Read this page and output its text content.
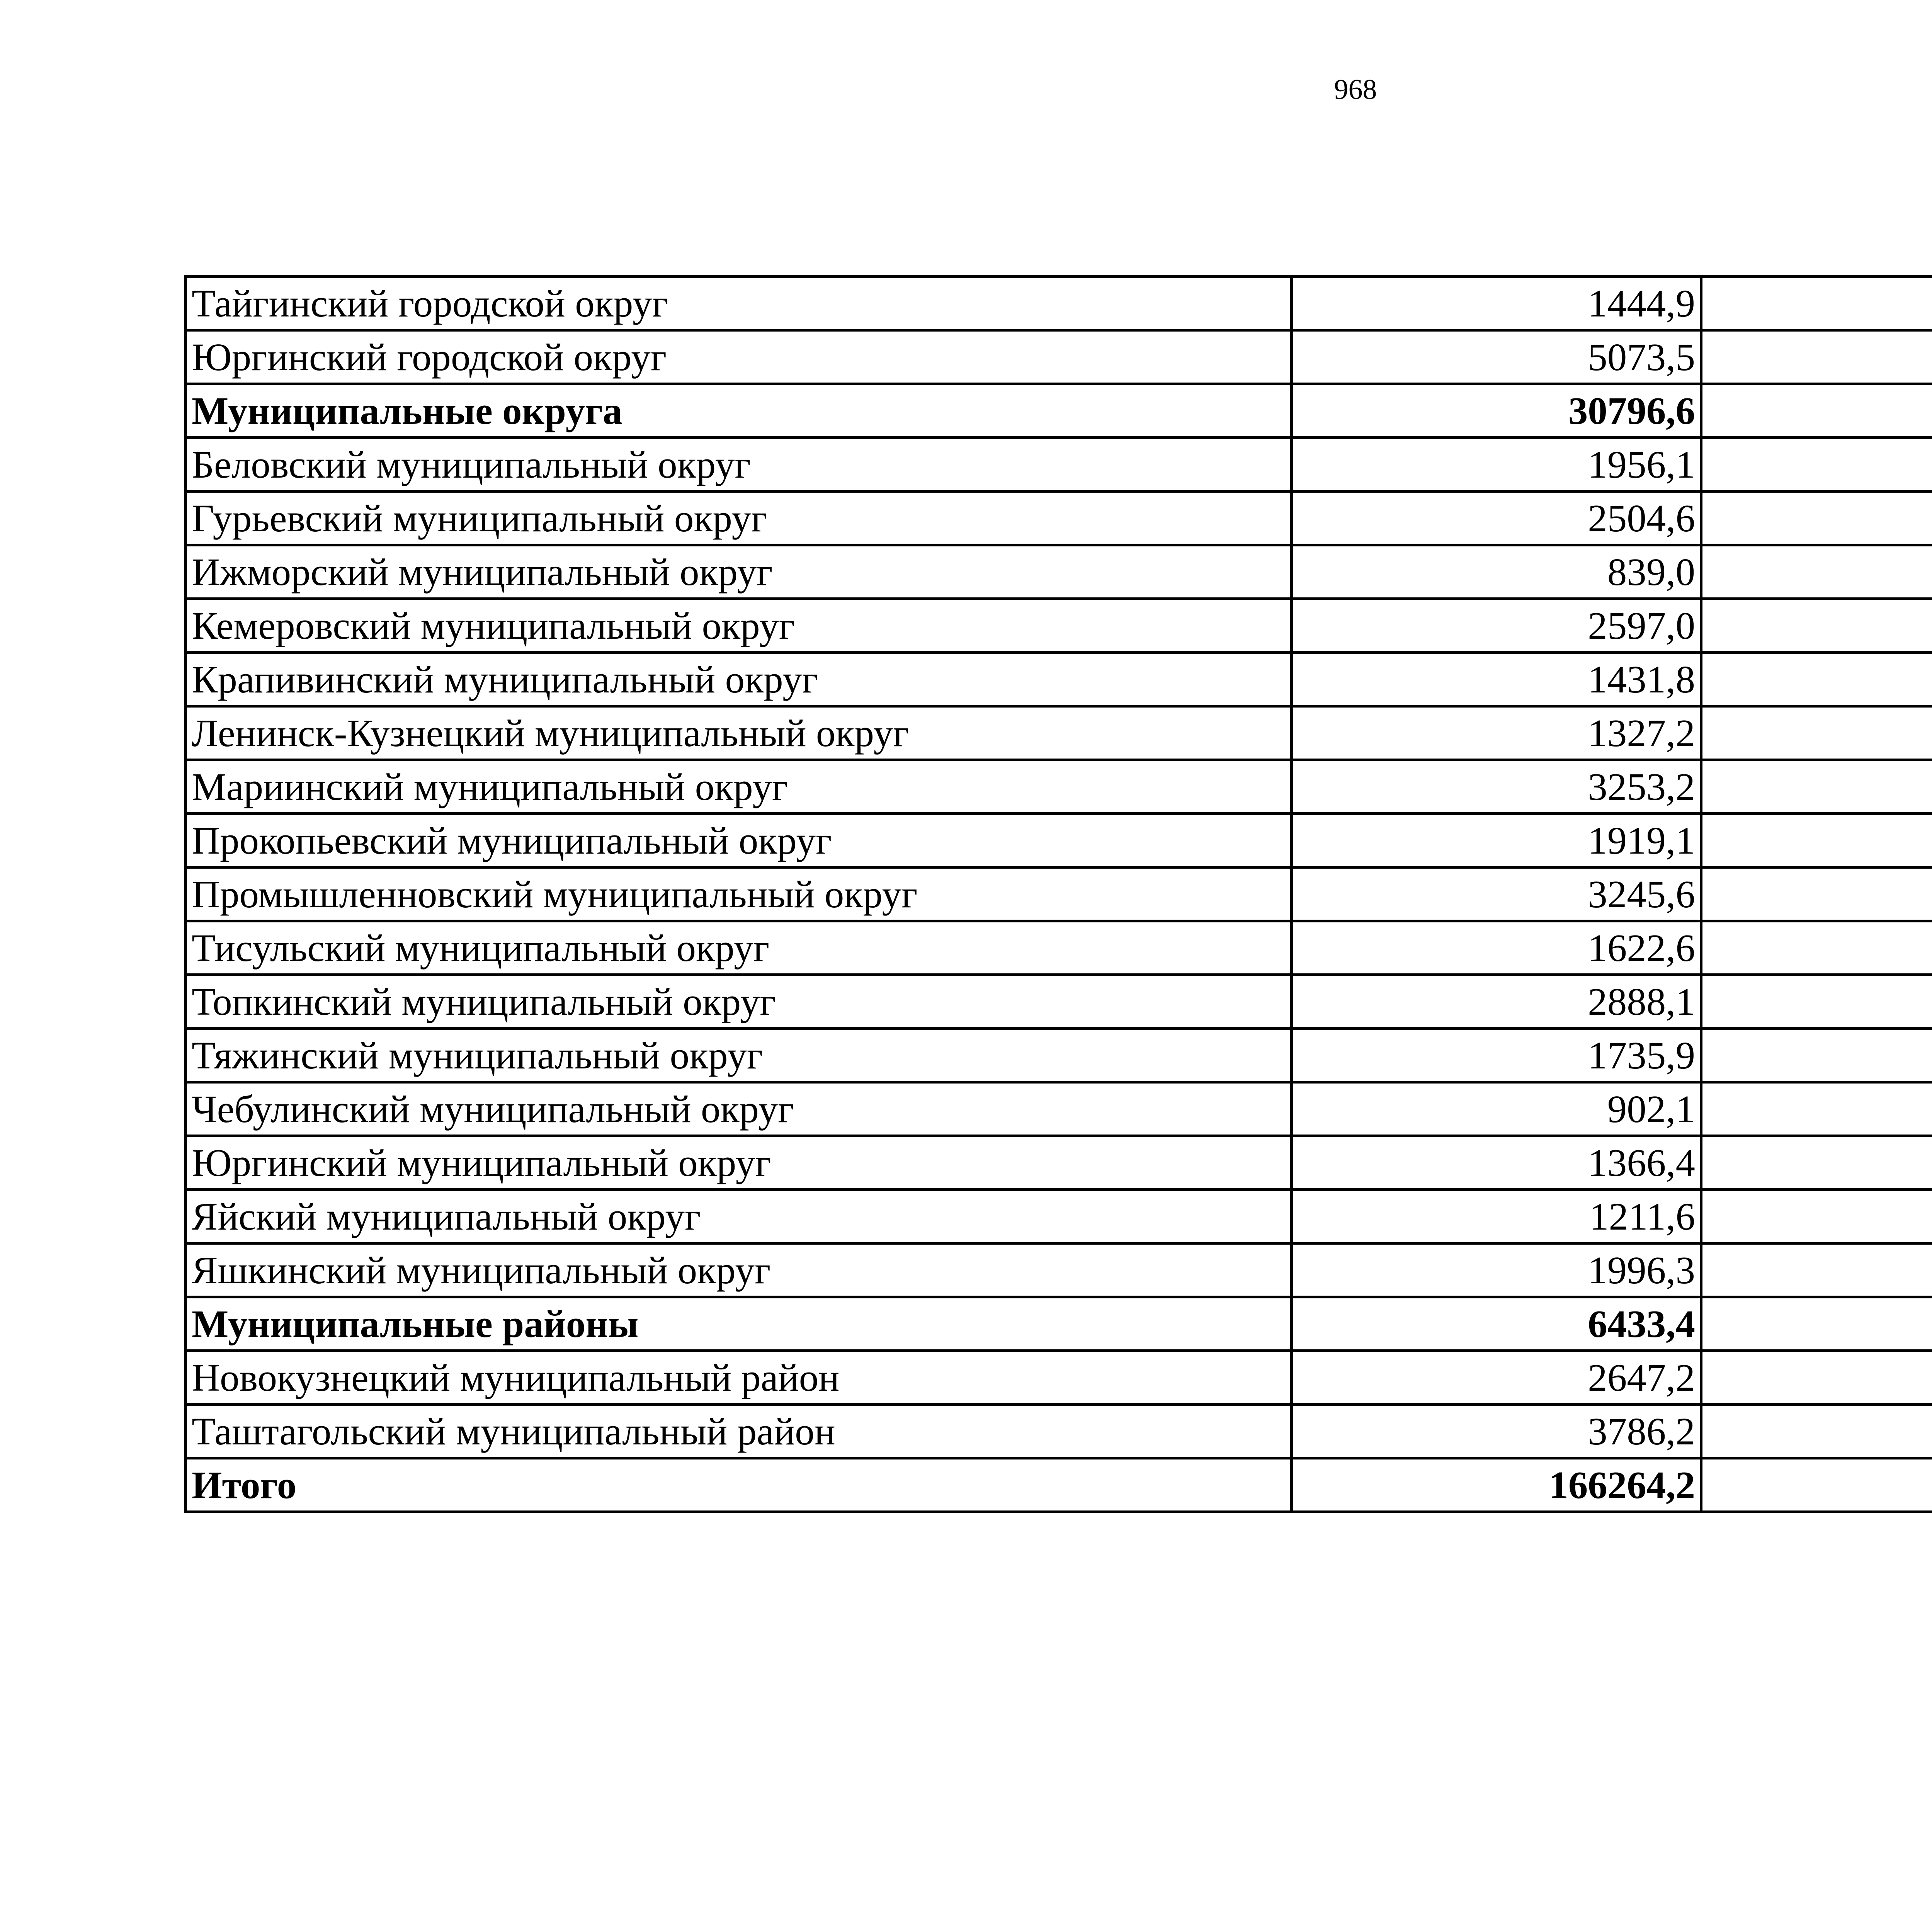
968
Тайгинский городской округ	1444,9		
Юргинский городской округ	5073,5		
Муниципальные округа	30796,6		
Беловский муниципальный округ	1956,1		
Гурьевский муниципальный округ	2504,6		
Ижморский муниципальный округ	839,0		
Кемеровский муниципальный округ	2597,0		
Крапивинский муниципальный округ	1431,8		
Ленинск-Кузнецкий муниципальный округ	1327,2		
Мариинский муниципальный округ	3253,2		
Прокопьевский муниципальный округ	1919,1		
Промышленновский муниципальный округ	3245,6		
Тисульский муниципальный округ	1622,6		
Топкинский муниципальный округ	2888,1		
Тяжинский муниципальный округ	1735,9		
Чебулинский муниципальный округ	902,1		
Юргинский муниципальный округ	1366,4		
Яйский муниципальный округ	1211,6		
Яшкинский муниципальный округ	1996,3		
Муниципальные районы	6433,4		
Новокузнецкий муниципальный район	2647,2		
Таштагольский муниципальный район	3786,2		
Итого	166264,2		
